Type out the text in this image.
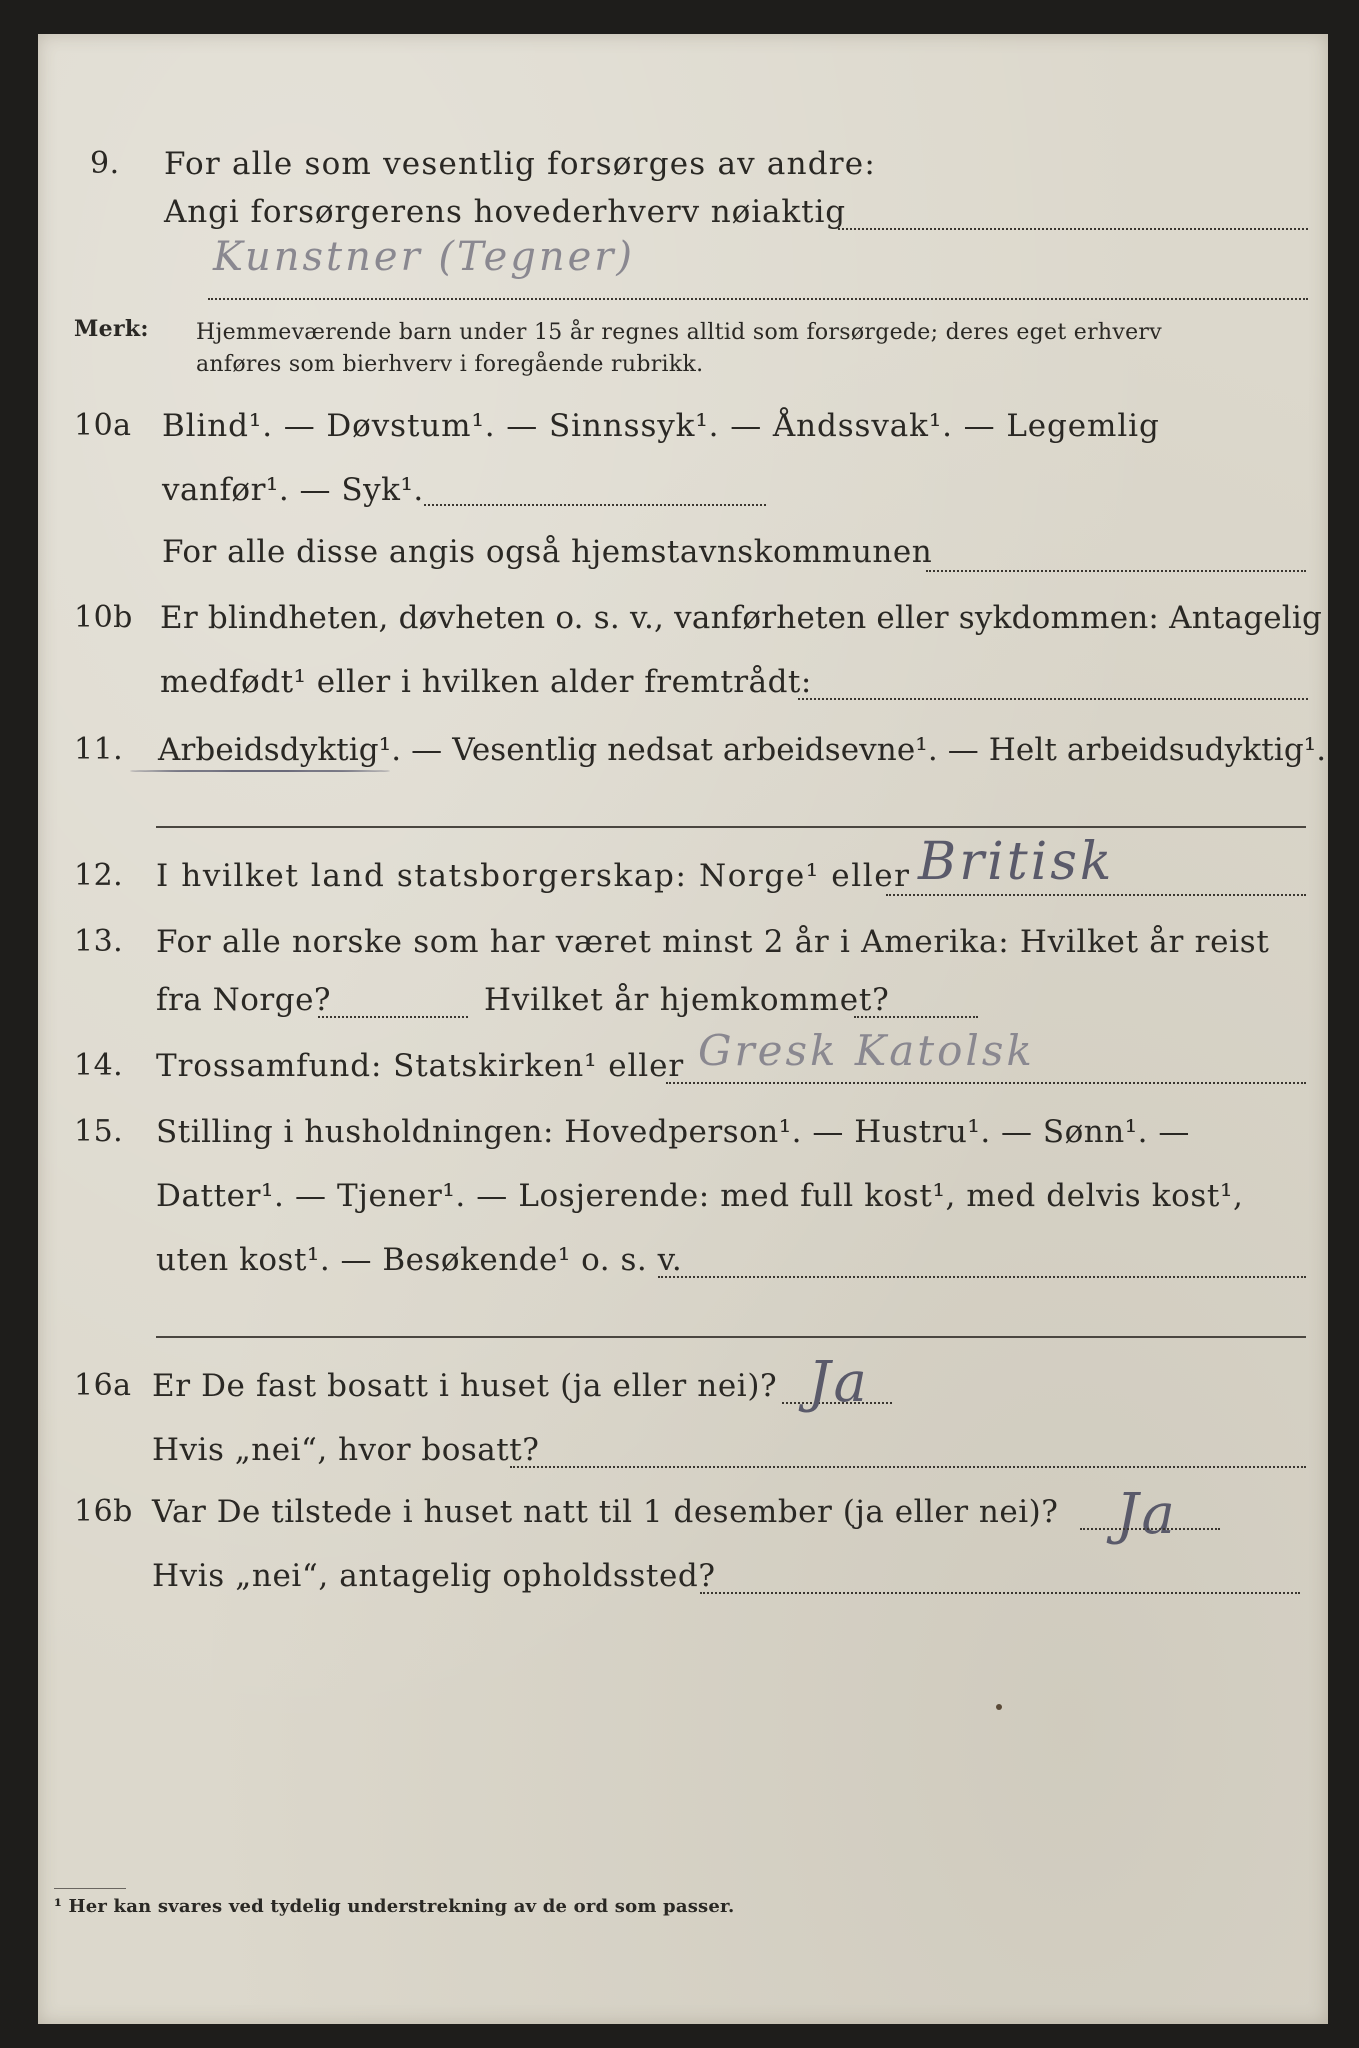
9. For alle som vesentlig forsørges av andre:
Angi forsørgerens hovederhverv nøiaktig
Kunstner (Tegner)
Merk: Hjemmeværende barn under 15 år regnes alltid som forsørgede; deres eget erhverv
anføres som bierhverv i foregående rubrikk.
10a Blind¹. — Døvstum¹. — Sinnssyk¹. — Åndssvak¹. — Legemlig
vanfør¹. — Syk¹.
For alle disse angis også hjemstavnskommunen
10b Er blindheten, døvheten o. s. v., vanførheten eller sykdommen: Antagelig
medfødt¹ eller i hvilken alder fremtrådt:
11. Arbeidsdyktig¹. — Vesentlig nedsat arbeidsevne¹. — Helt arbeidsudyktig¹.
12. I hvilket land statsborgerskap: Norge¹ eller Britisk
13. For alle norske som har været minst 2 år i Amerika: Hvilket år reist
fra Norge?	Hvilket år hjemkommet?
14. Trossamfund: Statskirken¹ eller Gresk Katolsk
15. Stilling i husholdningen: Hovedperson¹. — Hustru¹. — Sønn¹. —
Datter¹. — Tjener¹. — Losjerende: med full kost¹, med delvis kost¹,
uten kost¹. — Besøkende¹ o. s. v.
16a Er De fast bosatt i huset (ja eller nei)? Ja
Hvis „nei“, hvor bosatt?
16b Var De tilstede i huset natt til 1 desember (ja eller nei)? Ja
Hvis „nei“, antagelig opholdssted?
¹ Her kan svares ved tydelig understrekning av de ord som passer.
